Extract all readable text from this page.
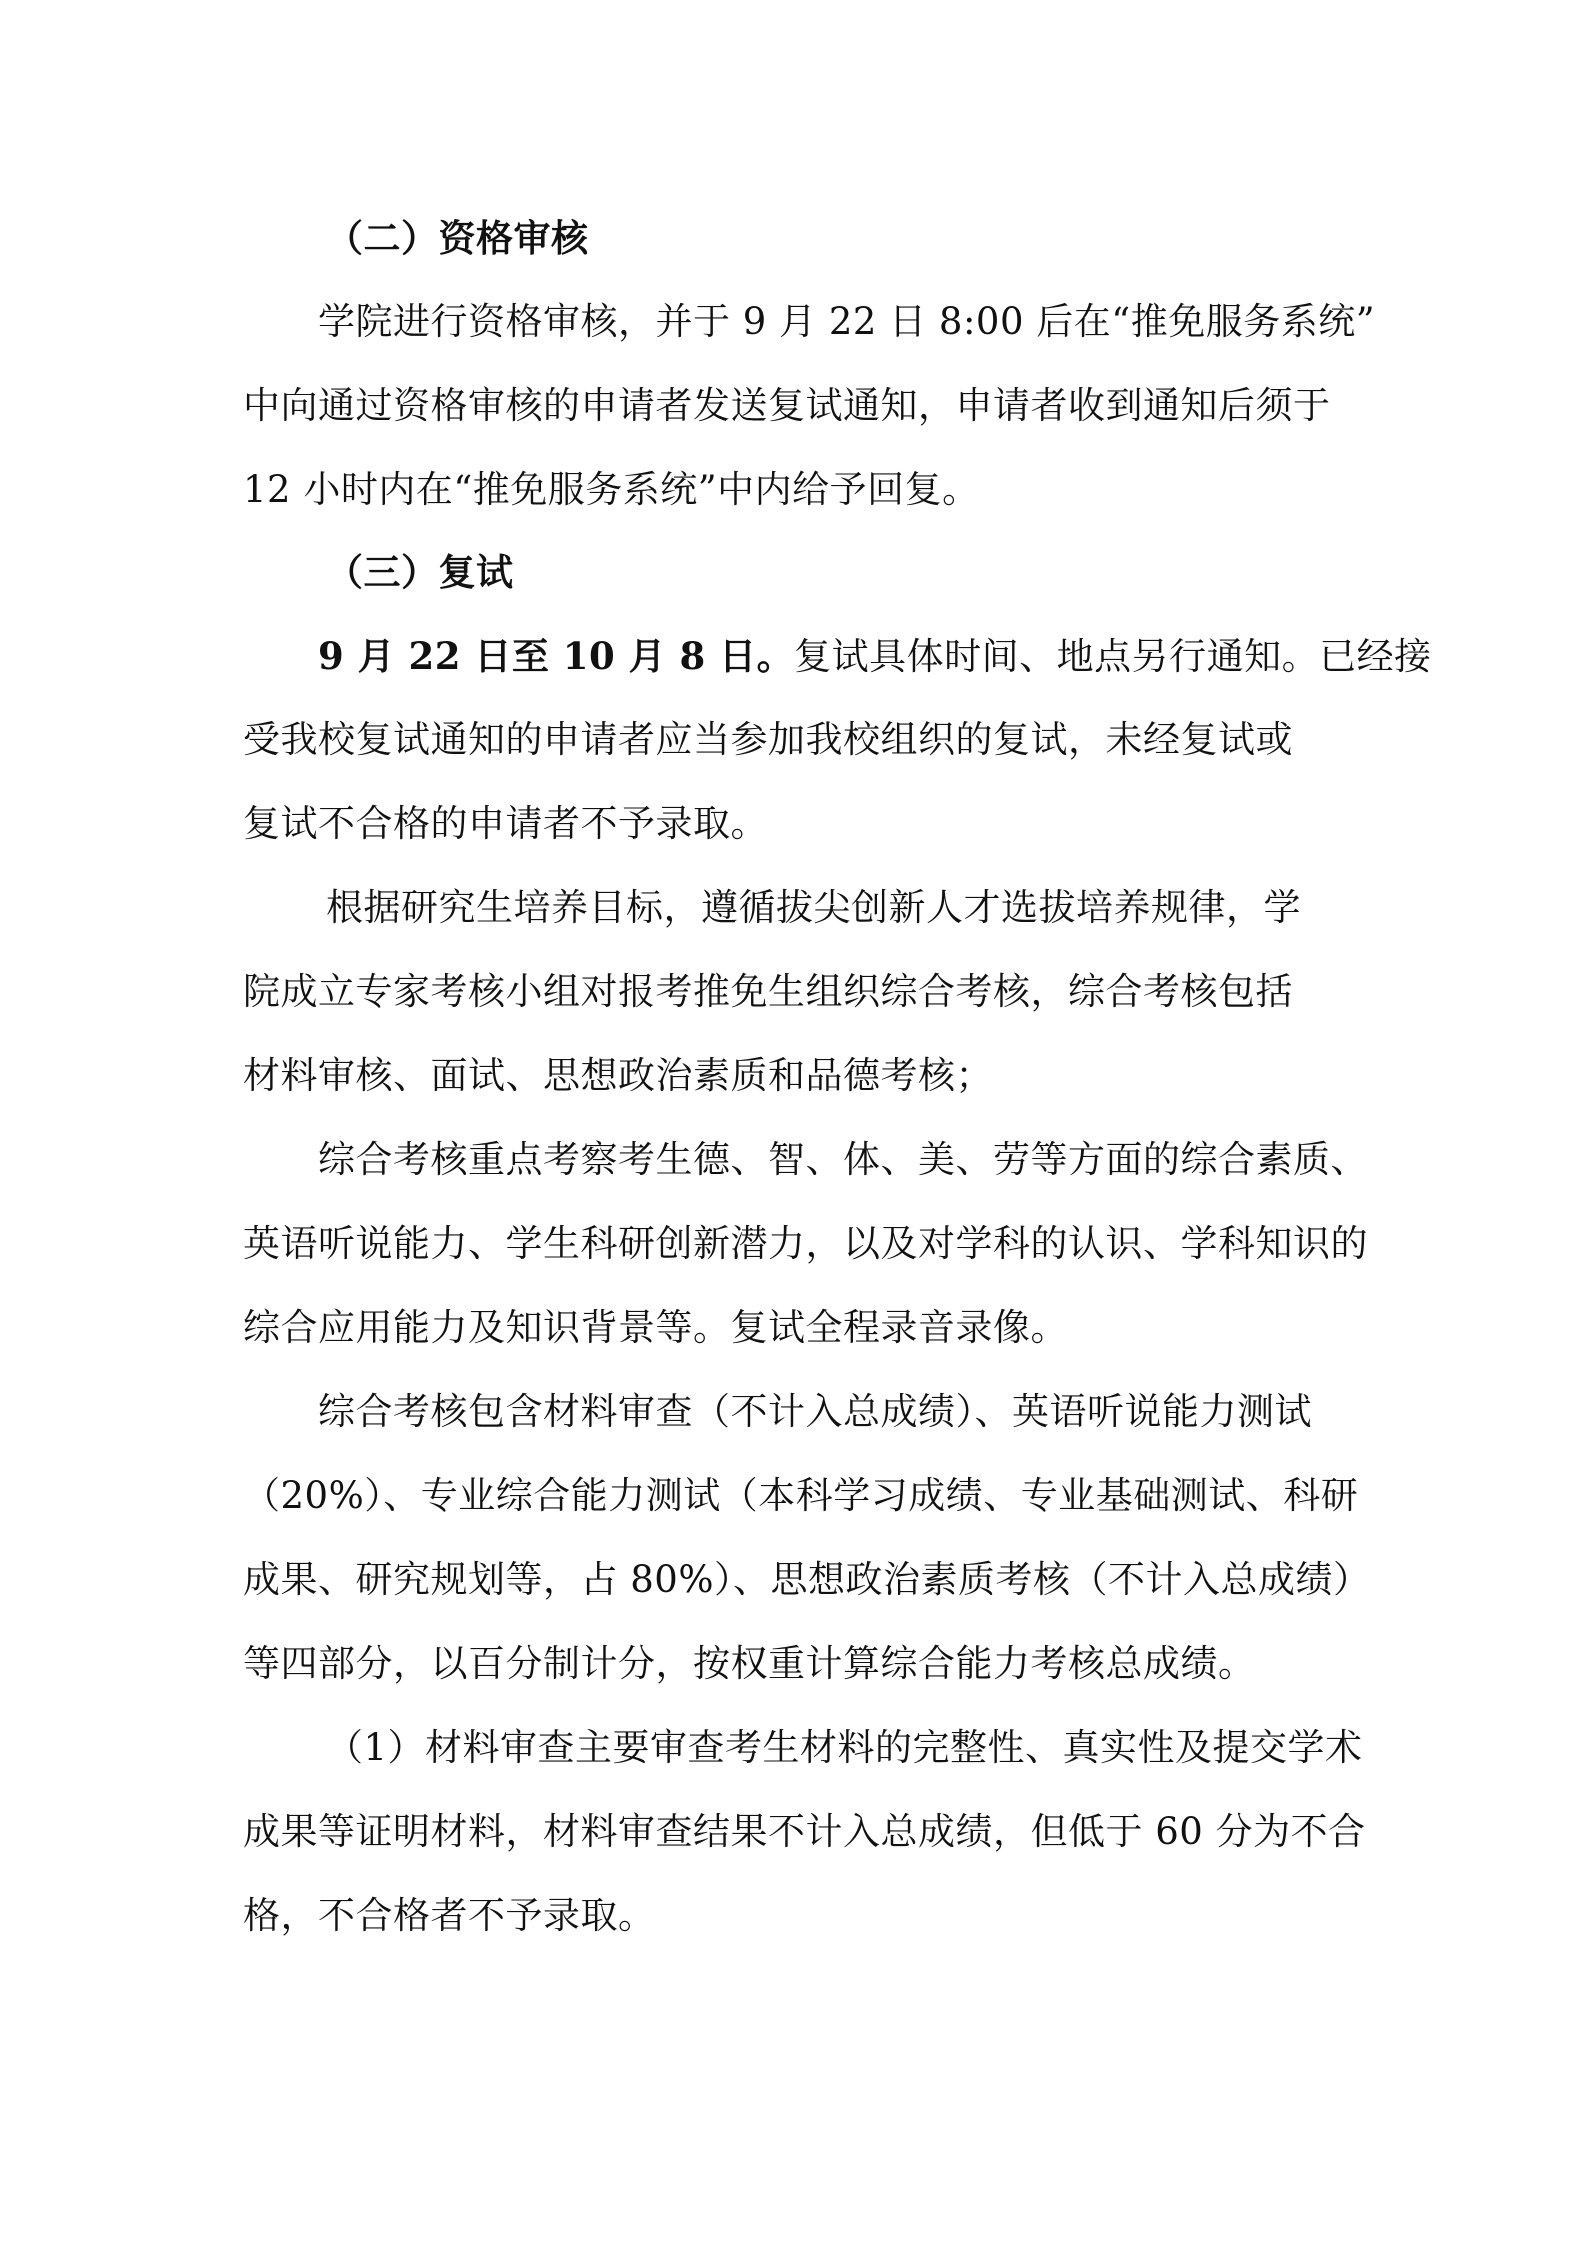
（二）资格审核
学院进行资格审核，并于 9 月 22 日 8:00 后在“推免服务系统”
中向通过资格审核的申请者发送复试通知，申请者收到通知后须于
12 小时内在“推免服务系统”中内给予回复。
（三）复试
9 月 22 日至 10 月 8 日。复试具体时间、地点另行通知。已经接
受我校复试通知的申请者应当参加我校组织的复试，未经复试或
复试不合格的申请者不予录取。
根据研究生培养目标，遵循拔尖创新人才选拔培养规律，学
院成立专家考核小组对报考推免生组织综合考核，综合考核包括
材料审核、面试、思想政治素质和品德考核；
综合考核重点考察考生德、智、体、美、劳等方面的综合素质、
英语听说能力、学生科研创新潜力，以及对学科的认识、学科知识的
综合应用能力及知识背景等。复试全程录音录像。
综合考核包含材料审查（不计入总成绩）、英语听说能力测试
（20%）、专业综合能力测试（本科学习成绩、专业基础测试、科研
成果、研究规划等，占 80%）、思想政治素质考核（不计入总成绩）
等四部分，以百分制计分，按权重计算综合能力考核总成绩。
（1）材料审查主要审查考生材料的完整性、真实性及提交学术
成果等证明材料，材料审查结果不计入总成绩，但低于 60 分为不合
格，不合格者不予录取。
